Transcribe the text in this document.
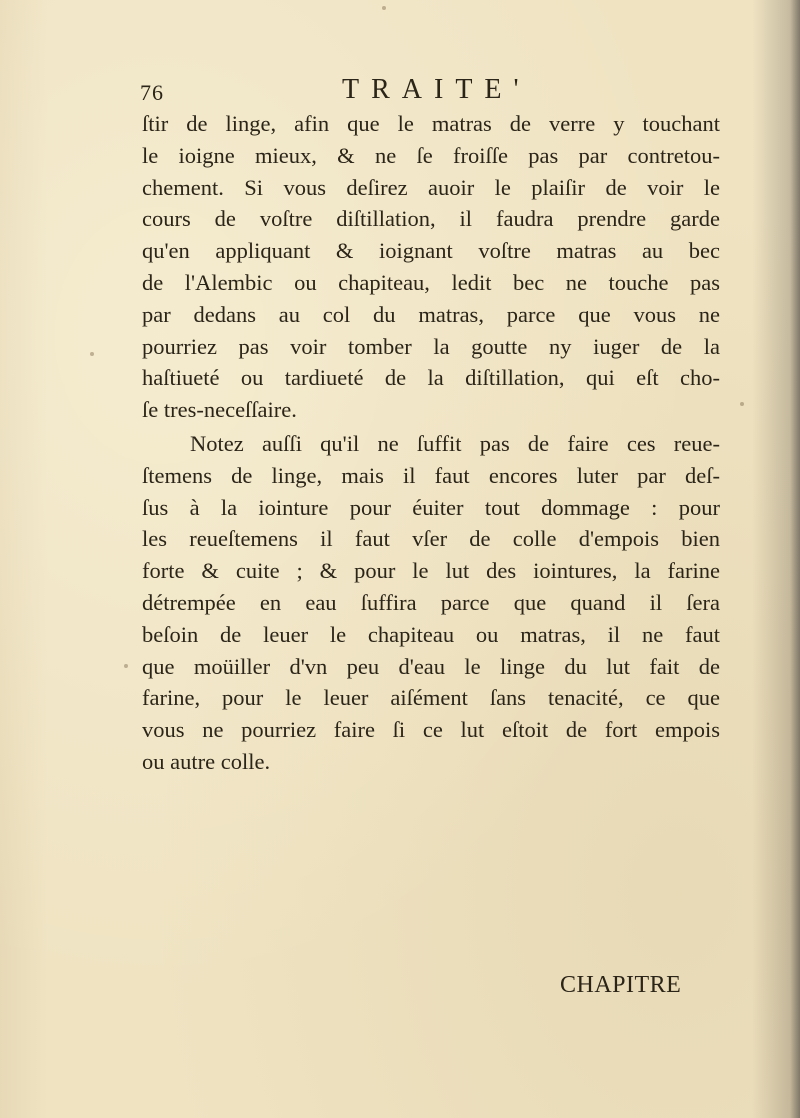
76	TRAITE'
ſtir de linge, afin que le matras de verre y touchant
le ioigne mieux, & ne ſe froiſſe pas par contretou-
chement. Si vous deſirez auoir le plaiſir de voir le
cours de voſtre diſtillation, il faudra prendre garde
qu'en appliquant & ioignant voſtre matras au bec
de l'Alembic ou chapiteau, ledit bec ne touche pas
par dedans au col du matras, parce que vous ne
pourriez pas voir tomber la goutte ny iuger de la
haſtiueté ou tardiueté de la diſtillation, qui eſt cho-
ſe tres-neceſſaire.
Notez auſſi qu'il ne ſuffit pas de faire ces reue-
ſtemens de linge, mais il faut encores luter par deſ-
ſus à la iointure pour éuiter tout dommage : pour
les reueſtemens il faut vſer de colle d'empois bien
forte & cuite ; & pour le lut des iointures, la farine
détrempée en eau ſuffira parce que quand il ſera
beſoin de leuer le chapiteau ou matras, il ne faut
que moüiller d'vn peu d'eau le linge du lut fait de
farine, pour le leuer aiſément ſans tenacité, ce que
vous ne pourriez faire ſi ce lut eſtoit de fort empois
ou autre colle.
CHAPITRE
